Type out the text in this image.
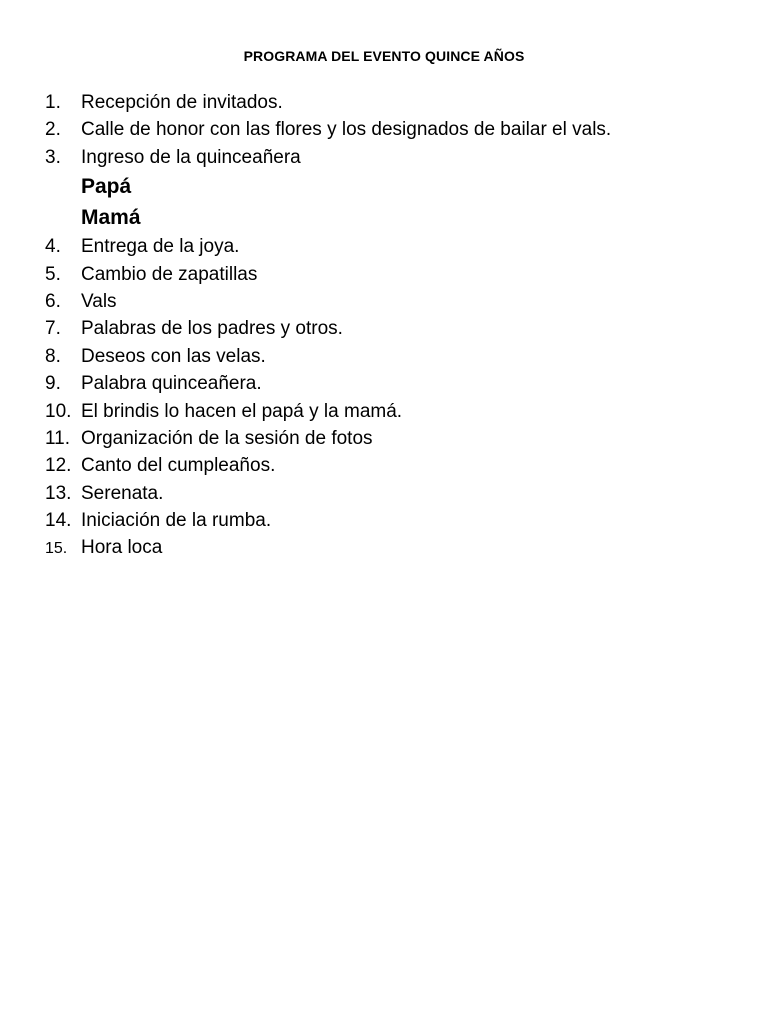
PROGRAMA DEL EVENTO QUINCE AÑOS
1. Recepción de invitados.
2. Calle de honor con las flores y los designados de bailar el vals.
3. Ingreso de la quinceañera
Papá
Mamá
4. Entrega de la joya.
5. Cambio de zapatillas
6. Vals
7. Palabras de los padres y otros.
8. Deseos con las velas.
9. Palabra quinceañera.
10. El brindis lo hacen el papá y la mamá.
11. Organización de la sesión de fotos
12. Canto del cumpleaños.
13. Serenata.
14. Iniciación de la rumba.
15. Hora loca
